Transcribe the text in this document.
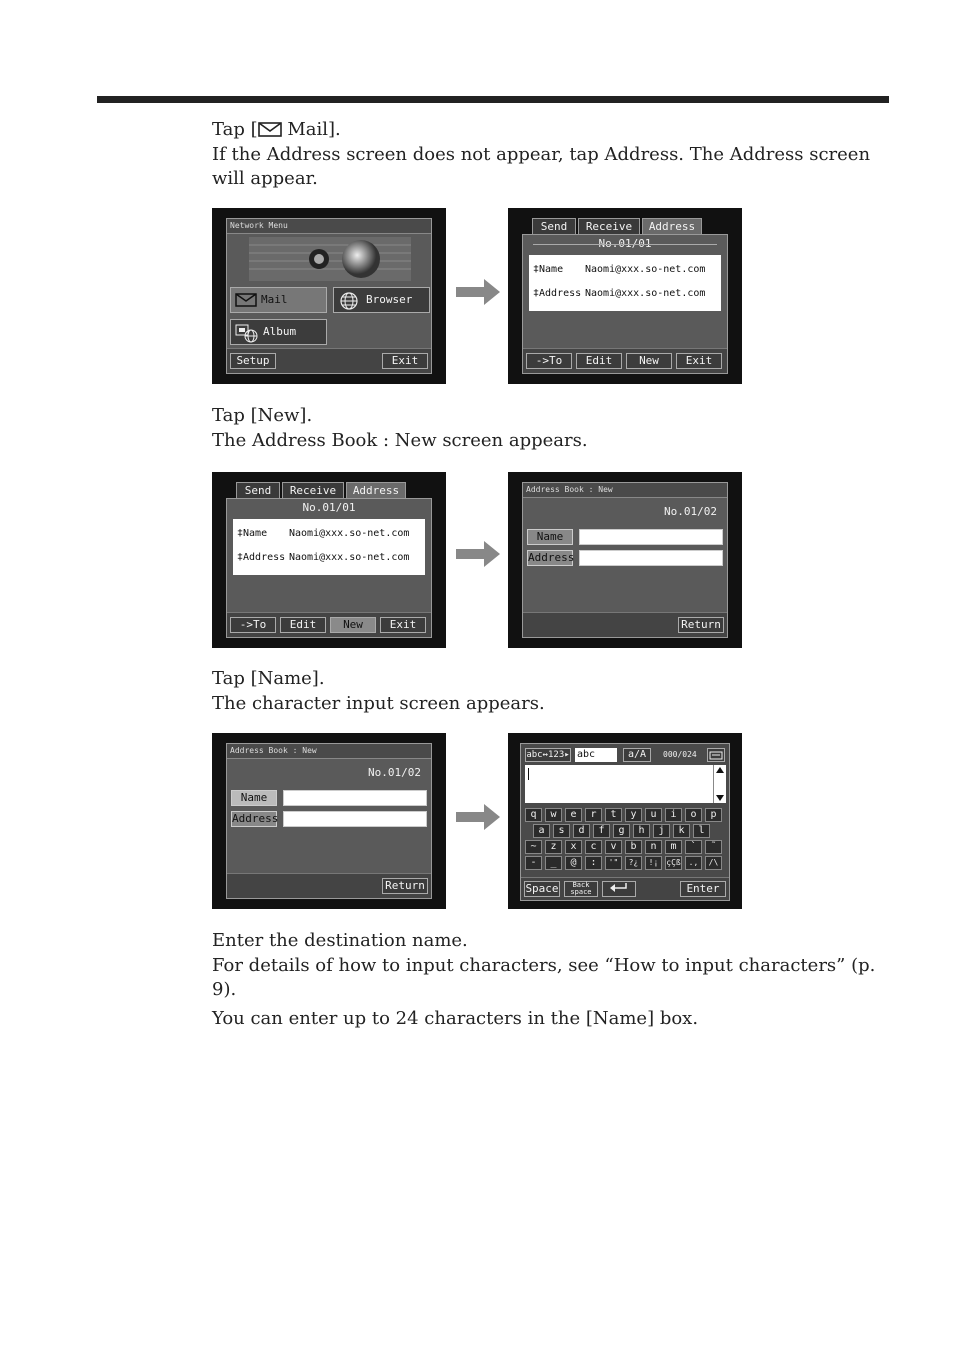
Tap [ Mail].

If the Address screen does not appear, tap Address. The Address screen will appear.

Network Menu
Mail	Browser
Album
Setup	Exit
Send	Receive	Address
No.01/01
‡Name Naomi@xxx.so-net.com
‡Address Naomi@xxx.so-net.com
->To	Edit	New	Exit

Tap [New].

The Address Book : New screen appears.

Send	Receive	Address
No.01/01
‡Name Naomi@xxx.so-net.com
‡Address Naomi@xxx.so-net.com
->To	Edit	New	Exit
Address Book : New
No.01/02
Name
Address
Return

Tap [Name].

The character input screen appears.

Address Book : New
No.01/02
Name
Address
Return
abc↔123▸ abc	a/A	000/024
q	w	e	r	t	y	u	i	o	p
a	s	d	f	g	h	j	k	l
~	z	x	c	v	b	n	m	`	˜
-	_	@	:	'"	?¿	!¡ çÇß .,	/\
Space	Back space	Enter

Enter the destination name.

For details of how to input characters, see “How to input characters” (p. 9).

You can enter up to 24 characters in the [Name] box.
